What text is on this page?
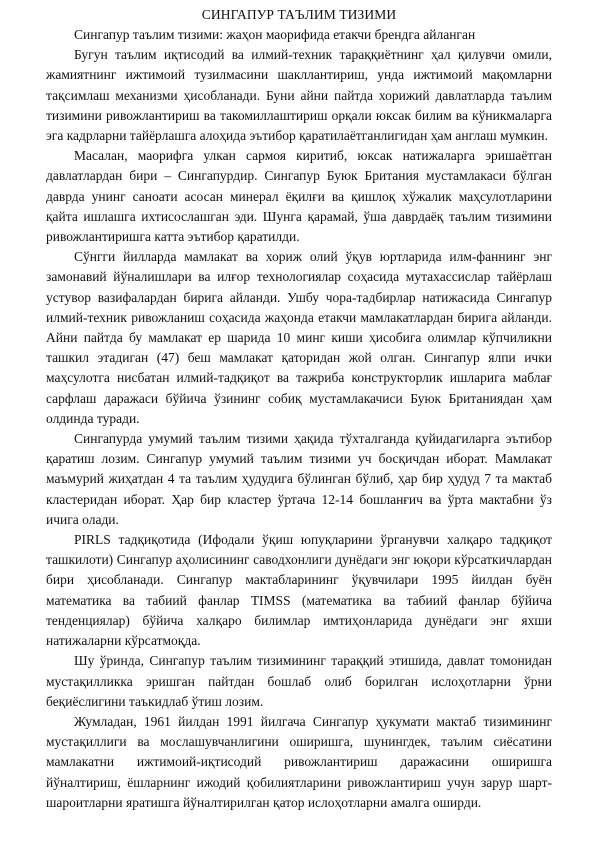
СИНГАПУР ТАЪЛИМ ТИЗИМИ

Сингапур таълим тизими: жаҳон маорифида етакчи брендга айланган

Бугун таълим иқтисодий ва илмий-техник тараққиётнинг ҳал қилувчи омили, жамиятнинг ижтимоий тузилмасини шакллантириш, унда ижтимоий мақомларни тақсимлаш механизми ҳисобланади. Буни айни пайтда хорижий давлатларда таълим тизимини ривожлантириш ва такомиллаштириш орқали юксак билим ва кўникмаларга эга кадрларни тайёрлашга алоҳида эътибор қаратилаётганлигидан ҳам англаш мумкин.

Масалан, маорифга улкан сармоя киритиб, юксак натижаларга эришаётган давлатлардан бири – Сингапурдир. Сингапур Буюк Британия мустамлакаси бўлган даврда унинг саноати асосан минерал ёқилғи ва қишлоқ хўжалик маҳсулотларини қайта ишлашга ихтисослашган эди. Шунга қарамай, ўша даврдаёқ таълим тизимини ривожлантиришга катта эътибор қаратилди.

Сўнгги йилларда мамлакат ва хориж олий ўқув юртларида илм-фаннинг энг замонавий йўналишлари ва илғор технологиялар соҳасида мутахассислар тайёрлаш устувор вазифалардан бирига айланди. Ушбу чора-тадбирлар натижасида Сингапур илмий-техник ривожланиш соҳасида жаҳонда етакчи мамлакатлардан бирига айланди. Айни пайтда бу мамлакат ер шарида 10 минг киши ҳисобига олимлар кўпчиликни ташкил этадиган (47) беш мамлакат қаторидан жой олган. Сингапур ялпи ички маҳсулотга нисбатан илмий-тадқиқот ва тажриба конструкторлик ишларига маблағ сарфлаш даражаси бўйича ўзининг собиқ мустамлакачиси Буюк Британиядан ҳам олдинда туради.

Сингапурда умумий таълим тизими ҳақида тўхталганда қуйидагиларга эътибор қаратиш лозим. Сингапур умумий таълим тизими уч босқичдан иборат. Мамлакат маъмурий жиҳатдан 4 та таълим ҳудудига бўлинган бўлиб, ҳар бир ҳудуд 7 та мактаб кластеридан иборат. Ҳар бир кластер ўртача 12-14 бошланғич ва ўрта мактабни ўз ичига олади.

PIRLS тадқиқотида (Ифодали ўқиш юпуқларини ўрганувчи халқаро тадқиқот ташкилоти) Сингапур аҳолисининг саводхонлиги дунёдаги энг юқори кўрсаткичлардан бири ҳисобланади. Сингапур мактабларининг ўқувчилари 1995 йилдан буён математика ва табиий фанлар TIMSS (математика ва табиий фанлар бўйича тенденциялар) бўйича халқаро билимлар имтиҳонларида дунёдаги энг яхши натижаларни кўрсатмоқда.

Шу ўринда, Сингапур таълим тизимининг тараққий этишида, давлат томонидан мустақилликка эришган пайтдан бошлаб олиб борилган ислоҳотларни ўрни беқиёслигини таъкидлаб ўтиш лозим.

Жумладан, 1961 йилдан 1991 йилгача Сингапур ҳукумати мактаб тизимининг мустақиллиги ва мослашувчанлигини оширишга, шунингдек, таълим сиёсатини мамлакатни ижтимоий-иқтисодий ривожлантириш даражасини оширишга йўналтириш, ёшларнинг ижодий қобилиятларини ривожлантириш учун зарур шарт-шароитларни яратишга йўналтирилган қатор ислоҳотларни амалга оширди.
